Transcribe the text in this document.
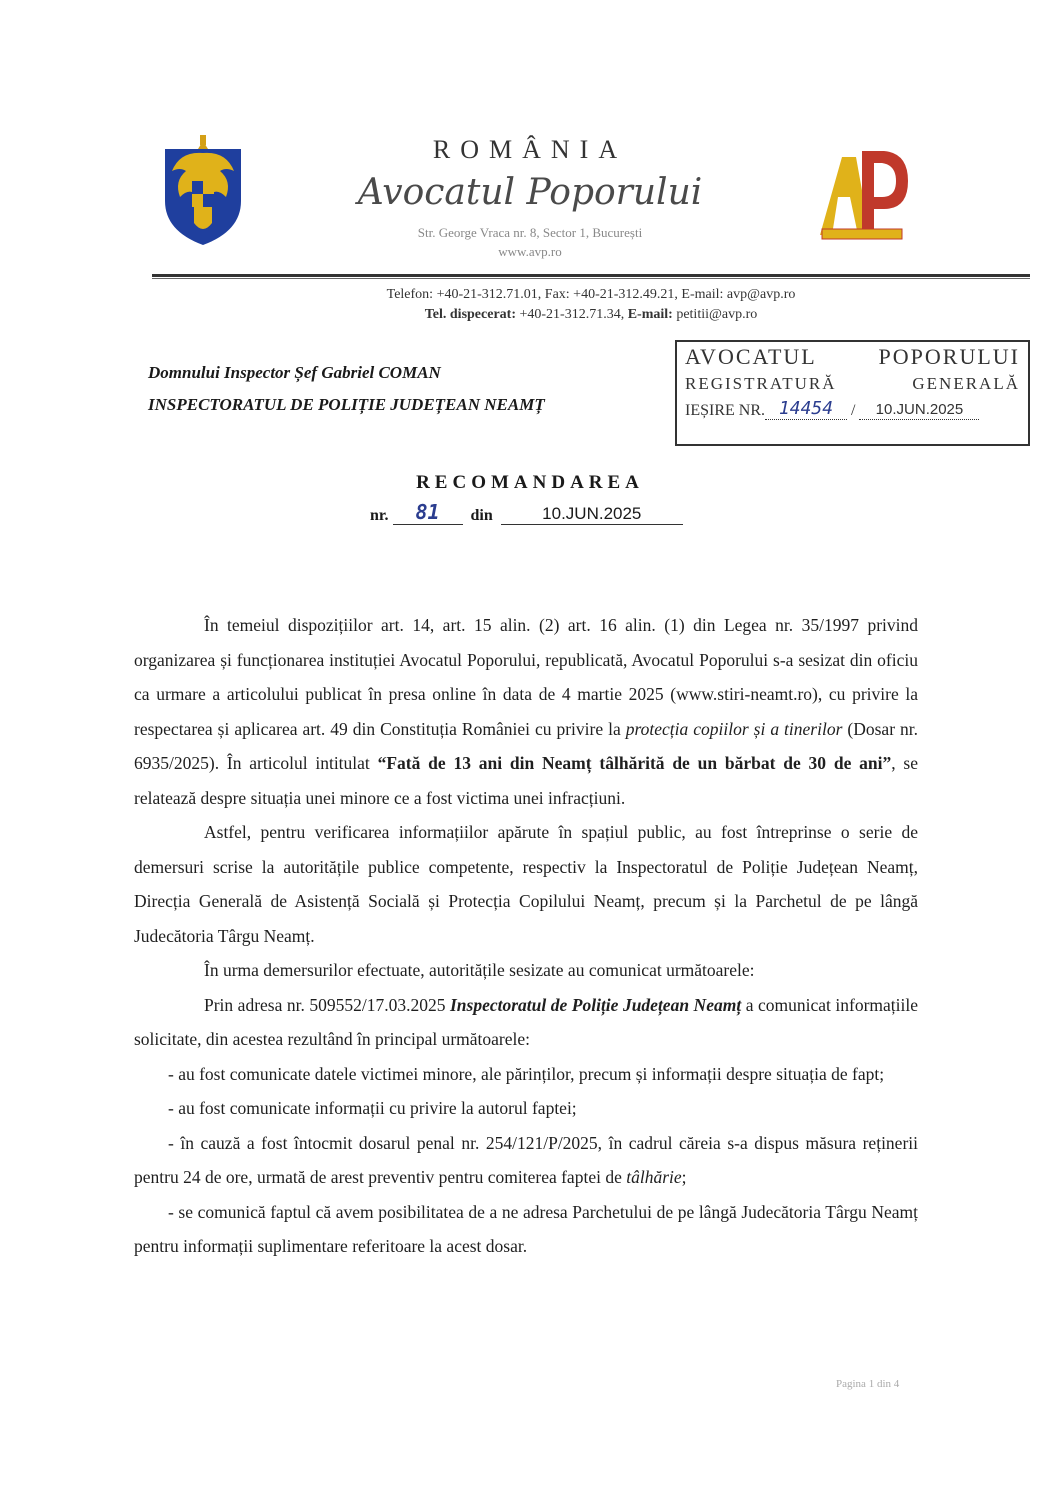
ROMÂNIA
Avocatul Poporului
Str. George Vraca nr. 8, Sector 1, București
www.avp.ro
Telefon: +40-21-312.71.01, Fax: +40-21-312.49.21, E-mail: avp@avp.ro
Tel. dispecerat: +40-21-312.71.34, E-mail: petitii@avp.ro
Domnului Inspector Șef Gabriel COMAN
INSPECTORATUL DE POLIȚIE JUDEȚEAN NEAMȚ
AVOCATUL	POPORULUI
REGISTRATURĂ	GENERALĂ
IEȘIRE NR. 14454	/	10.JUN.2025
RECOMANDAREA
nr.	81	din	10.JUN.2025

În temeiul dispozițiilor art. 14, art. 15 alin. (2) art. 16 alin. (1) din Legea nr. 35/1997 privind organizarea și funcționarea instituției Avocatul Poporului, republicată, Avocatul Poporului s-a sesizat din oficiu ca urmare a articolului publicat în presa online în data de 4 martie 2025 (www.stiri-neamt.ro), cu privire la respectarea și aplicarea art. 49 din Constituția României cu privire la protecția copiilor și a tinerilor (Dosar nr. 6935/2025). În articolul intitulat “Fată de 13 ani din Neamț tâlhărită de un bărbat de 30 de ani”, se relatează despre situația unei minore ce a fost victima unei infracțiuni.

Astfel, pentru verificarea informațiilor apărute în spațiul public, au fost întreprinse o serie de demersuri scrise la autoritățile publice competente, respectiv la Inspectoratul de Poliție Județean Neamț, Direcția Generală de Asistență Socială și Protecția Copilului Neamț, precum și la Parchetul de pe lângă Judecătoria Târgu Neamț.

În urma demersurilor efectuate, autoritățile sesizate au comunicat următoarele:

Prin adresa nr. 509552/17.03.2025 Inspectoratul de Poliție Județean Neamț a comunicat informațiile solicitate, din acestea rezultând în principal următoarele:

- au fost comunicate datele victimei minore, ale părinților, precum și informații despre situația de fapt;

- au fost comunicate informații cu privire la autorul faptei;

- în cauză a fost întocmit dosarul penal nr. 254/121/P/2025, în cadrul căreia s-a dispus măsura reținerii pentru 24 de ore, urmată de arest preventiv pentru comiterea faptei de tâlhărie;

- se comunică faptul că avem posibilitatea de a ne adresa Parchetului de pe lângă Judecătoria Târgu Neamț pentru informații suplimentare referitoare la acest dosar.

Pagina 1 din 4
